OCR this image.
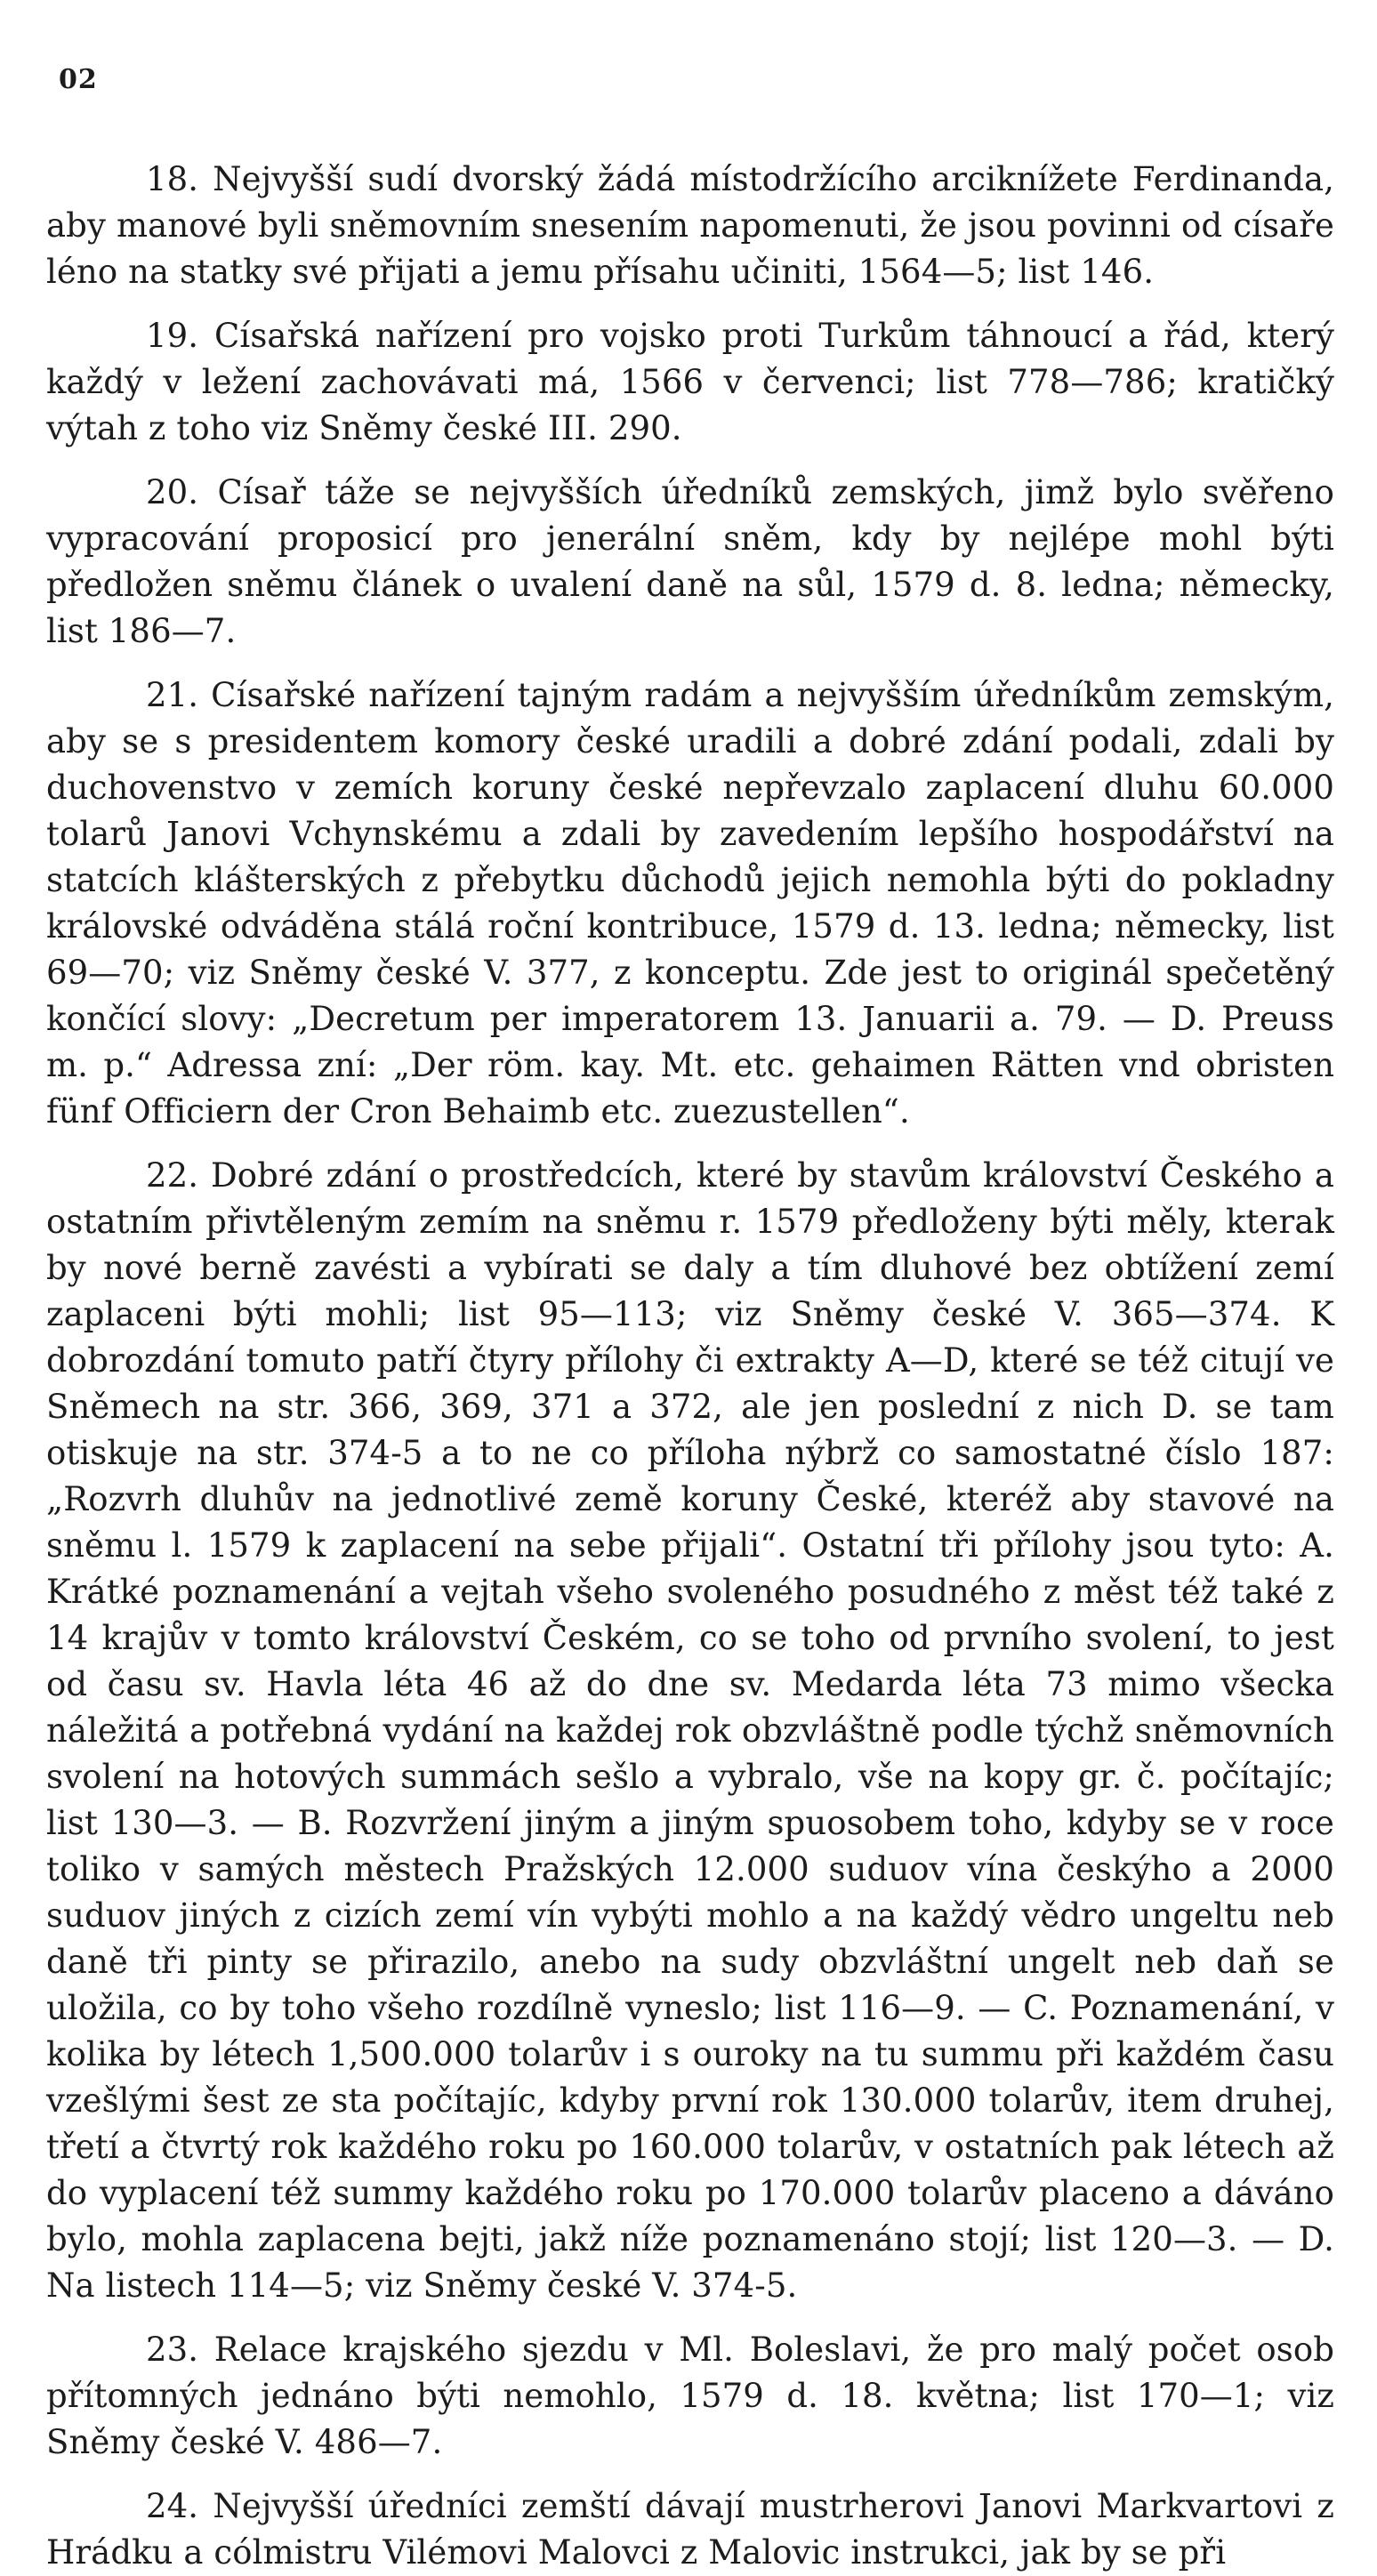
02

18. Nejvyšší sudí dvorský žádá místodržícího arciknížete Ferdinanda, aby manové byli sněmovním snesením napomenuti, že jsou povinni od císaře léno na statky své přijati a jemu přísahu učiniti, 1564—5; list 146.

19. Císařská nařízení pro vojsko proti Turkům táhnoucí a řád, který každý v ležení zachovávati má, 1566 v červenci; list 778—786; kratičký výtah z toho viz Sněmy české III. 290.

20. Císař táže se nejvyšších úředníků zemských, jimž bylo svěřeno vypracování proposicí pro jenerální sněm, kdy by nejlépe mohl býti předložen sněmu článek o uvalení daně na sůl, 1579 d. 8. ledna; německy, list 186—7.

21. Císařské nařízení tajným radám a nejvyšším úředníkům zemským, aby se s presidentem komory české uradili a dobré zdání podali, zdali by duchovenstvo v zemích koruny české nepřevzalo zaplacení dluhu 60.000 tolarů Janovi Vchynskému a zdali by zavedením lepšího hospodářství na statcích klášterských z přebytku důchodů jejich nemohla býti do pokladny královské odváděna stálá roční kontribuce, 1579 d. 13. ledna; německy, list 69—70; viz Sněmy české V. 377, z konceptu. Zde jest to originál spečetěný končící slovy: „Decretum per imperatorem 13. Januarii a. 79. — D. Preuss m. p.“ Adressa zní: „Der röm. kay. Mt. etc. gehaimen Rätten vnd obristen fünf Officiern der Cron Behaimb etc. zuezustellen“.

22. Dobré zdání o prostředcích, které by stavům království Českého a ostatním přivtěleným zemím na sněmu r. 1579 předloženy býti měly, kterak by nové berně zavésti a vybírati se daly a tím dluhové bez obtížení zemí zaplaceni býti mohli; list 95—113; viz Sněmy české V. 365—374. K dobrozdání tomuto patří čtyry přílohy či extrakty A—D, které se též citují ve Sněmech na str. 366, 369, 371 a 372, ale jen poslední z nich D. se tam otiskuje na str. 374-5 a to ne co příloha nýbrž co samostatné číslo 187: „Rozvrh dluhův na jednotlivé země koruny České, kteréž aby stavové na sněmu l. 1579 k zaplacení na sebe přijali“. Ostatní tři přílohy jsou tyto: A. Krátké poznamenání a vejtah všeho svoleného posudného z měst též také z 14 krajův v tomto království Českém, co se toho od prvního svolení, to jest od času sv. Havla léta 46 až do dne sv. Medarda léta 73 mimo všecka náležitá a potřebná vydání na každej rok obzvláštně podle týchž sněmovních svolení na hotových summách sešlo a vybralo, vše na kopy gr. č. počítajíc; list 130—3. — B. Rozvržení jiným a jiným spuosobem toho, kdyby se v roce toliko v samých městech Pražských 12.000 suduov vína českýho a 2000 suduov jiných z cizích zemí vín vybýti mohlo a na každý vědro ungeltu neb daně tři pinty se přirazilo, anebo na sudy obzvláštní ungelt neb daň se uložila, co by toho všeho rozdílně vyneslo; list 116—9. — C. Poznamenání, v kolika by létech 1,500.000 tolarův i s ouroky na tu summu při každém času vzešlými šest ze sta počítajíc, kdyby první rok 130.000 tolarův, item druhej, třetí a čtvrtý rok každého roku po 160.000 tolarův, v ostatních pak létech až do vyplacení též summy každého roku po 170.000 tolarův placeno a dáváno bylo, mohla zaplacena bejti, jakž níže poznamenáno stojí; list 120—3. — D. Na listech 114—5; viz Sněmy české V. 374-5.

23. Relace krajského sjezdu v Ml. Boleslavi, že pro malý počet osob přítomných jednáno býti nemohlo, 1579 d. 18. května; list 170—1; viz Sněmy české V. 486—7.

24. Nejvyšší úředníci zemští dávají mustrherovi Janovi Markvartovi z Hrádku a cólmistru Vilémovi Malovci z Malovic instrukci, jak by se při
